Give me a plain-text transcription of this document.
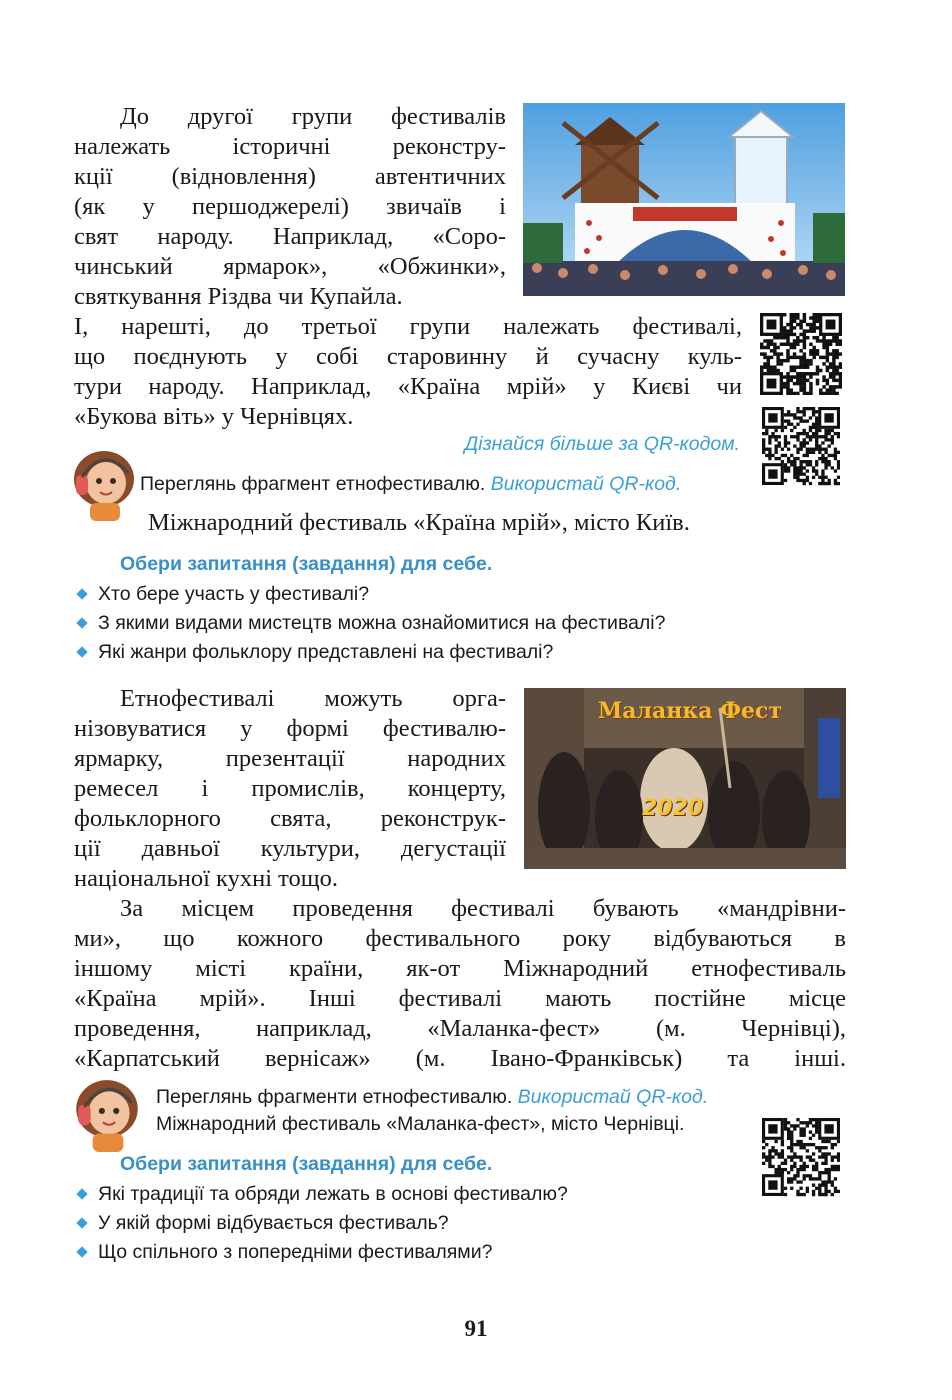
До другої групи фестивалів
належать історичні реконстру-
кції (відновлення) автентичних
(як у першоджерелі) звичаїв і
свят народу. Наприклад, «Соро-
чинський ярмарок», «Обжинки»,
святкування Різдва чи Купайла.
І, нарешті, до третьої групи належать фестивалі,
що поєднують у собі старовинну й сучасну куль-
тури народу. Наприклад, «Країна мрій» у Києві чи
«Букова віть» у Чернівцях.
Дізнайся більше за QR-кодом.
Переглянь фрагмент етнофестивалю. Використай QR-код.
Міжнародний фестиваль «Країна мрій», місто Київ.
Обери запитання (завдання) для себе.
Хто бере участь у фестивалі?
З якими видами мистецтв можна ознайомитися на фестивалі?
Які жанри фольклору представлені на фестивалі?
Етнофестивалі можуть орга-
нізовуватися у формі фестивалю-
ярмарку, презентації народних
ремесел і промислів, концерту,
фольклорного свята, реконструк-
ції давньої культури, дегустації
національної кухні тощо.
Маланка Фест
2020
За місцем проведення фестивалі бувають «мандрівни-
ми», що кожного фестивального року відбуваються в
іншому місті країни, як-от Міжнародний етнофестиваль
«Країна мрій». Інші фестивалі мають постійне місце
проведення, наприклад, «Маланка-фест» (м. Чернівці),
«Карпатський вернісаж» (м. Івано-Франківськ) та інші.
Переглянь фрагменти етнофестивалю. Використай QR-код.
Міжнародний фестиваль «Маланка-фест», місто Чернівці.
Обери запитання (завдання) для себе.
Які традиції та обряди лежать в основі фестивалю?
У якій формі відбувається фестиваль?
Що спільного з попередніми фестивалями?
91
